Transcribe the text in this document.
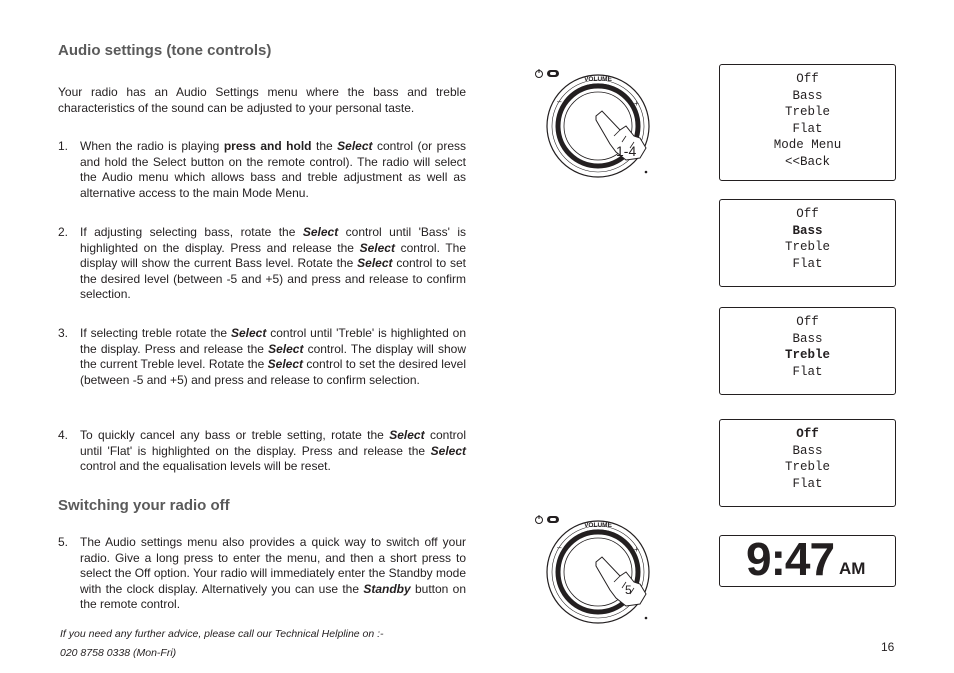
Audio settings (tone controls)

Your radio has an Audio Settings menu where the bass and treble characteristics of the sound can be adjusted to your personal taste.

1. When the radio is playing press and hold the Select control (or press and hold the Select button on the remote control). The radio will select the Audio menu which allows bass and treble adjustment as well as alternative access to the main Mode Menu.
2. If adjusting selecting bass, rotate the Select control until 'Bass' is highlighted on the display. Press and release the Select control. The display will show the current Bass level. Rotate the Select control to set the desired level (between -5 and +5) and press and release to confirm selection.
3. If selecting treble rotate the Select control until 'Treble' is highlighted on the display. Press and release the Select control. The display will show the current Treble level. Rotate the Select control to set the desired level (between -5 and +5) and press and release to confirm selection.
4. To quickly cancel any bass or treble setting, rotate the Select control until 'Flat' is highlighted on the display. Press and release the Select control and the equalisation levels will be reset.
Switching your radio off
5. The Audio settings menu also provides a quick way to switch off your radio. Give a long press to enter the menu, and then a short press to select the Off option. Your radio will immediately enter the Standby mode with the clock display. Alternatively you can use the Standby button on the remote control.
If you need any further advice, please call our Technical Helpline on :-
020 8758 0338 (Mon-Fri)	16
VOLUME
–	+
1-4
VOLUME
–	+
5
Off
Bass
Treble
Flat
Mode Menu
<<Back
Off
Bass
Treble
Flat
Off
Bass
Treble
Flat
Off
Bass
Treble
Flat
9:47 AM
